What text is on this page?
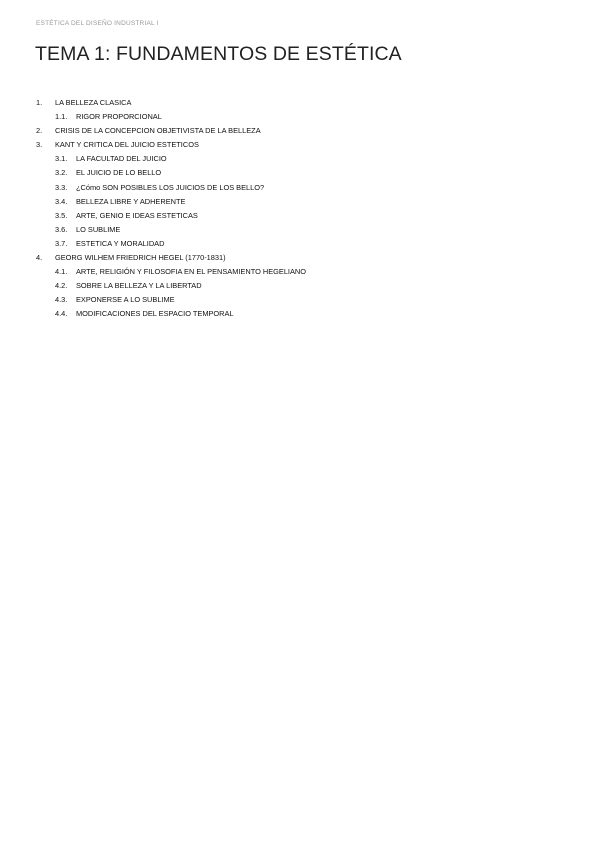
ESTÉTICA DEL DISEÑO INDUSTRIAL I
TEMA 1: FUNDAMENTOS DE ESTÉTICA
1. LA BELLEZA CLASICA
1.1. RIGOR PROPORCIONAL
2. CRISIS DE LA CONCEPCION OBJETIVISTA DE LA BELLEZA
3. KANT Y CRITICA DEL JUICIO ESTETICOS
3.1. LA FACULTAD DEL JUICIO
3.2. EL JUICIO DE LO BELLO
3.3. ¿Cómo SON POSIBLES LOS JUICIOS DE LOS BELLO?
3.4. BELLEZA LIBRE Y ADHERENTE
3.5. ARTE, GENIO E IDEAS ESTETICAS
3.6. LO SUBLIME
3.7. ESTETICA Y MORALIDAD
4. GEORG WILHEM FRIEDRICH HEGEL (1770-1831)
4.1. ARTE, RELIGIÓN Y FILOSOFIA EN EL PENSAMIENTO HEGELIANO
4.2. SOBRE LA BELLEZA Y LA LIBERTAD
4.3. EXPONERSE A LO SUBLIME
4.4. MODIFICACIONES DEL ESPACIO TEMPORAL
